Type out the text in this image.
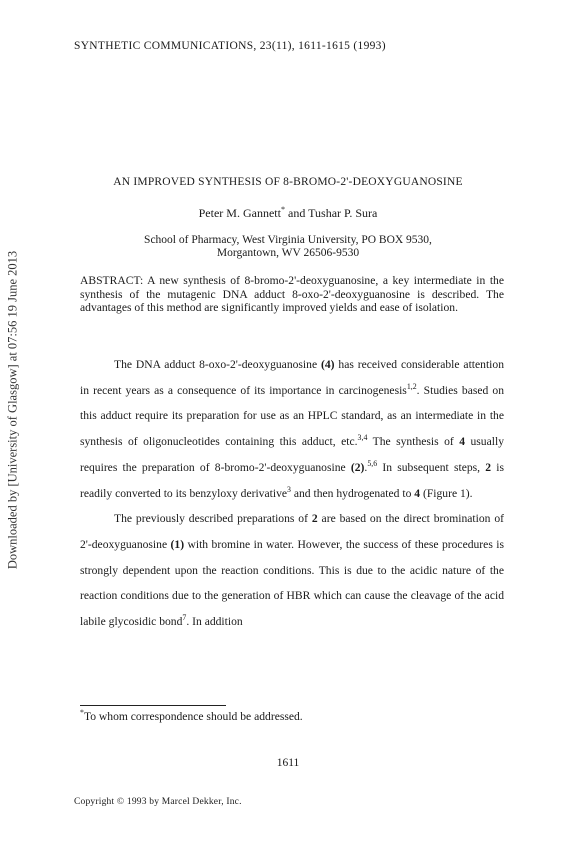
Downloaded by [University of Glasgow] at 07:56 19 June 2013
SYNTHETIC COMMUNICATIONS, 23(11), 1611-1615 (1993)
AN IMPROVED SYNTHESIS OF 8-BROMO-2'-DEOXYGUANOSINE
Peter M. Gannett* and Tushar P. Sura
School of Pharmacy, West Virginia University, PO BOX 9530,
Morgantown, WV 26506-9530
ABSTRACT: A new synthesis of 8-bromo-2'-deoxyguanosine, a key intermediate in the synthesis of the mutagenic DNA adduct 8-oxo-2'-deoxyguanosine is described. The advantages of this method are significantly improved yields and ease of isolation.

The DNA adduct 8-oxo-2'-deoxyguanosine (4) has received considerable attention in recent years as a consequence of its importance in carcinogenesis$^{1,2}$. Studies based on this adduct require its preparation for use as an HPLC standard, as an intermediate in the synthesis of oligonucleotides containing this adduct, etc.$^{3,4}$ The synthesis of 4 usually requires the preparation of 8-bromo-2'-deoxyguanosine (2).$^{5,6}$ In subsequent steps, 2 is readily converted to its benzyloxy derivative$^3$ and then hydrogenated to 4 (Figure 1).

The previously described preparations of 2 are based on the direct bromination of 2'-deoxyguanosine (1) with bromine in water. However, the success of these procedures is strongly dependent upon the reaction conditions. This is due to the acidic nature of the reaction conditions due to the generation of HBR which can cause the cleavage of the acid labile glycosidic bond$^7$. In addition

*To whom correspondence should be addressed.
1611
Copyright © 1993 by Marcel Dekker, Inc.
